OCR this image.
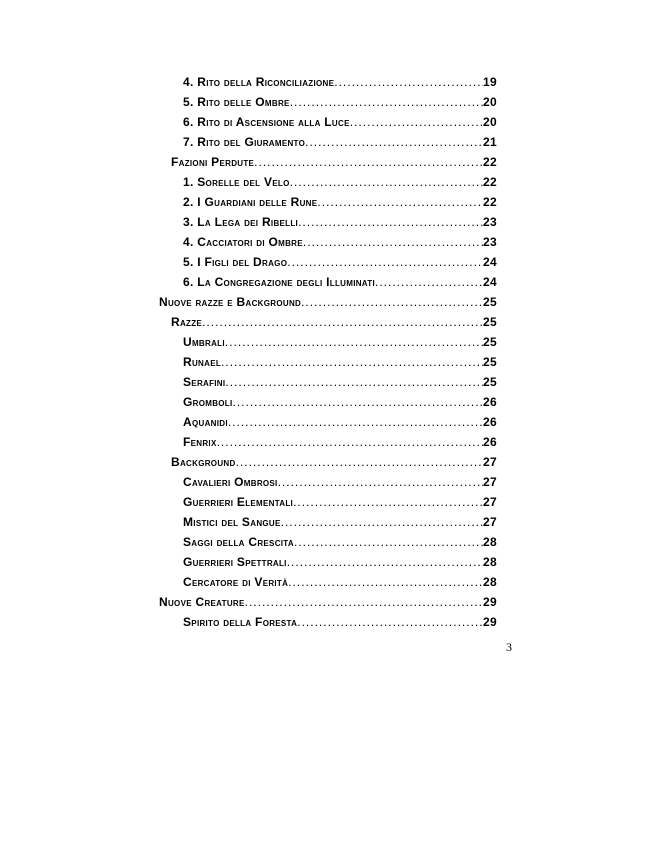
4. Rito della Riconciliazione .....	19
5. Rito delle Ombre .....	20
6. Rito di Ascensione alla Luce .....	20
7. Rito del Giuramento .....	21
Fazioni Perdute .....	22
1. Sorelle del Velo .....	22
2. I Guardiani delle Rune .....	22
3. La Lega dei Ribelli .....	23
4. Cacciatori di Ombre .....	23
5. I Figli del Drago .....	24
6. La Congregazione degli Illuminati .....	24
Nuove razze e Background .....	25
Razze .....	25
Umbrali .....	25
Runael .....	25
Serafini .....	25
Gromboli .....	26
Aquanidi .....	26
Fenrix .....	26
Background .....	27
Cavalieri Ombrosi .....	27
Guerrieri Elementali .....	27
Mistici del Sangue .....	27
Saggi della Crescita .....	28
Guerrieri Spettrali .....	28
Cercatore di Verità .....	28
Nuove Creature .....	29
Spirito della Foresta .....	29
3
